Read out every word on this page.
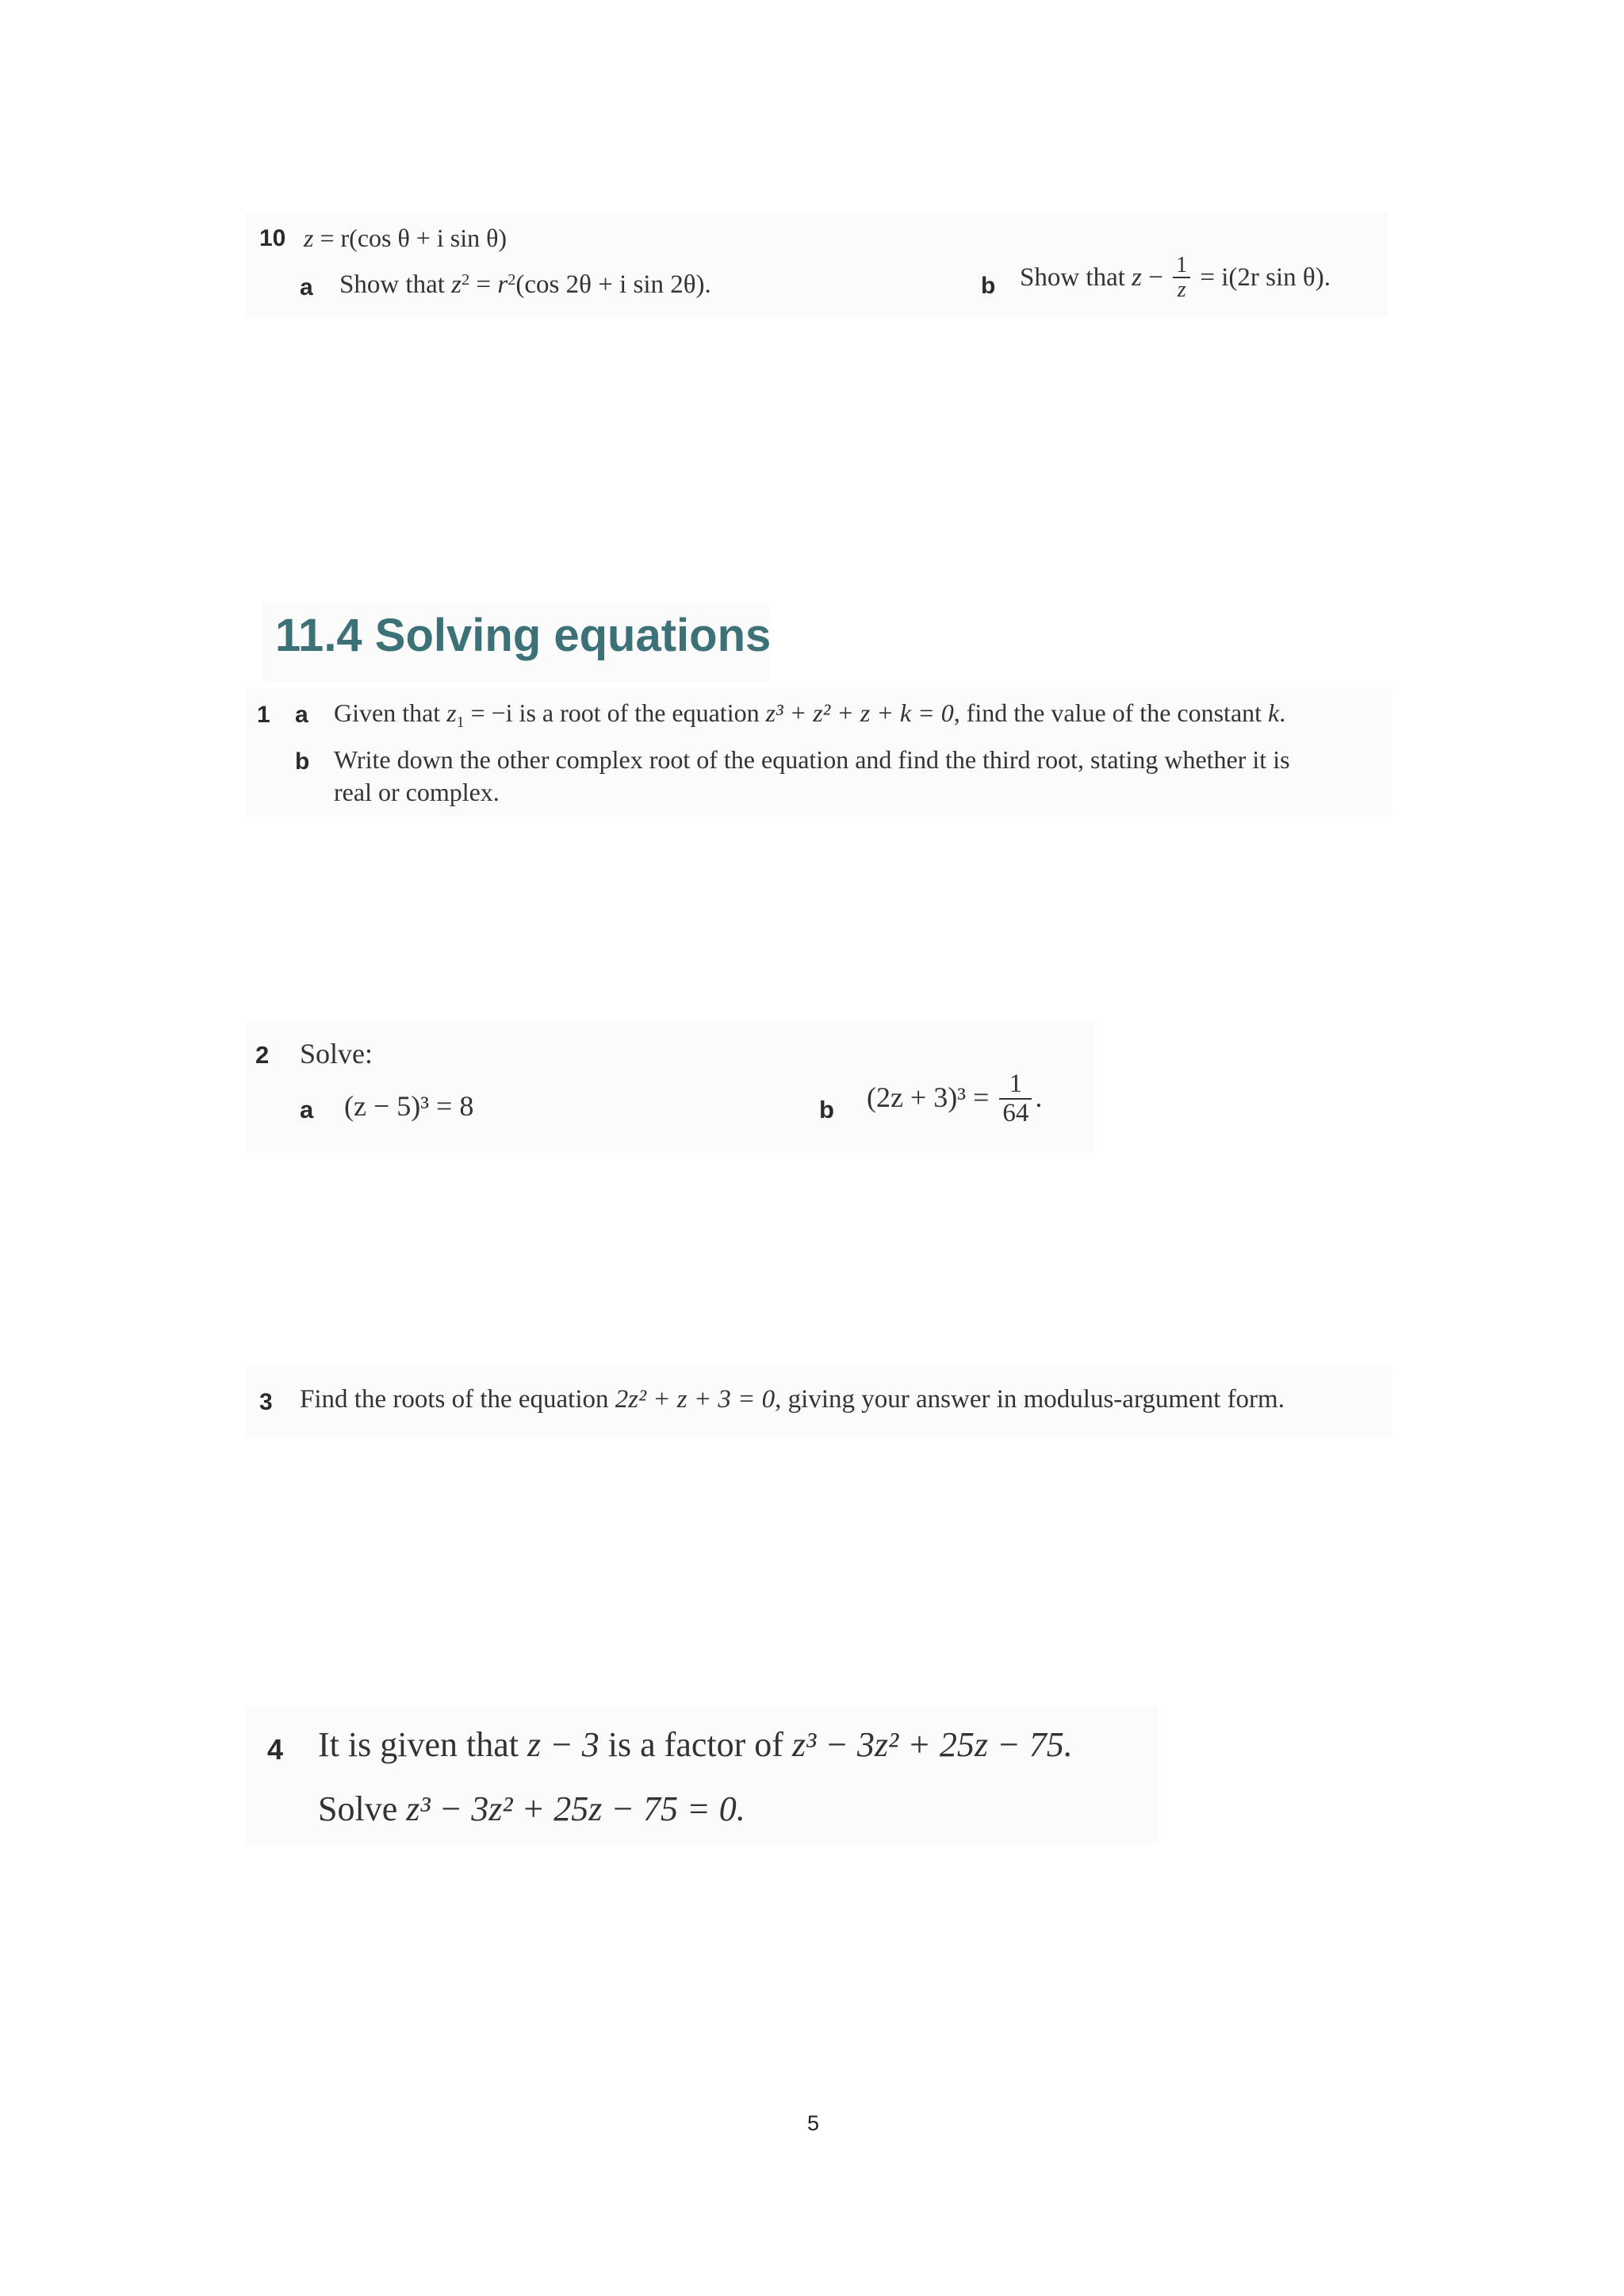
10 z = r(cos θ + i sin θ)
a Show that $z^2 = r^2(\cos$ 2θ + i sin 2θ).	b Show that $z - \frac{1}{z} = i(2r$ sin θ).
11.4 Solving equations
1 a Given that $z_1 = -i$ is a root of the equation z³ + z² + z + k = 0, find the value of the constant k.
b Write down the other complex root of the equation and find the third root, stating whether it is
real or complex.
2 Solve:
a (z − 5)³ = 8	b $(2z + 3)^3 = \frac{1}{64}$ .
3 Find the roots of the equation 2z² + z + 3 = 0, giving your answer in modulus-argument form.
4 It is given that z − 3 is a factor of z³ − 3z² + 25z − 75.
Solve z³ − 3z² + 25z − 75 = 0.
5
